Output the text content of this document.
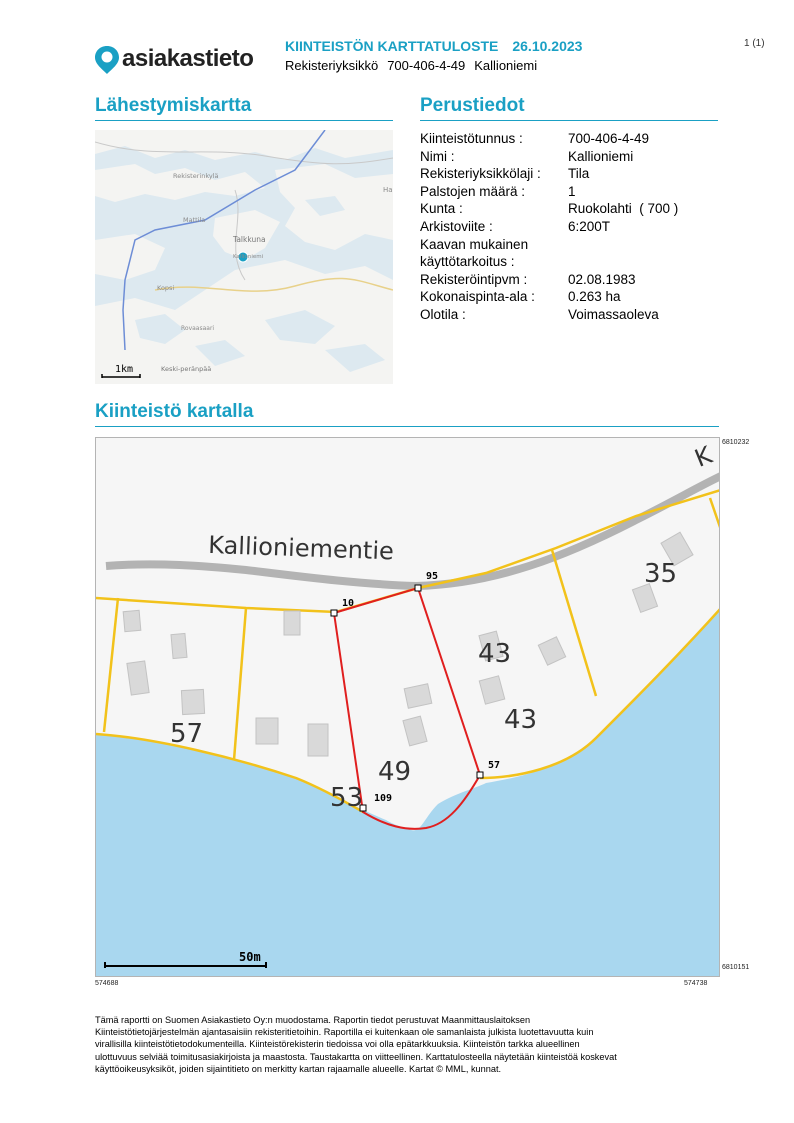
asiakastieto KIINTEISTÖN KARTTATULOSTE 26.10.2023
Rekisteriyksikkö 700-406-4-49 Kallioniemi
1 (1)
Lähestymiskartta	Perustiedot
Kiinteistö kartalla
Kiinteistötunnus :	700-406-4-49
Nimi :	Kallioniemi
Rekisteriyksikkölaji :	Tila
Palstojen määrä :	1
Kunta :	Ruokolahti  ( 700 )
Arkistoviite :	6:200T
Kaavan mukainen
käyttötarkoitus :
Rekisteröintipvm :	02.08.1983
Kokonaispinta-ala :	0.263 ha
Olotila :	Voimassaoleva
Rekisterinkylä
Mattila
Talkkuna
Kallioniemi
Kopsi
Rovaasaari
Keski-peränpää
Ha
1km
95
10
57
109
Kallioniementie
K
35
43
43
49
53
57
50m
6810232
6810151
574688	574738

Tämä raportti on Suomen Asiakastieto Oy:n muodostama. Raportin tiedot perustuvat Maanmittauslaitoksen

Kiinteistötietojärjestelmän ajantasaisiin rekisteritietoihin. Raportilla ei kuitenkaan ole samanlaista julkista luotettavuutta kuin

virallisilla kiinteistötietodokumenteilla. Kiinteistörekisterin tiedoissa voi olla epätarkkuuksia. Kiinteistön tarkka alueellinen

ulottuvuus selviää toimitusasiakirjoista ja maastosta. Taustakartta on viitteellinen. Karttatulosteella näytetään kiinteistöä koskevat

käyttöoikeusyksiköt, joiden sijaintitieto on merkitty kartan rajaamalle alueelle. Kartat © MML, kunnat.
